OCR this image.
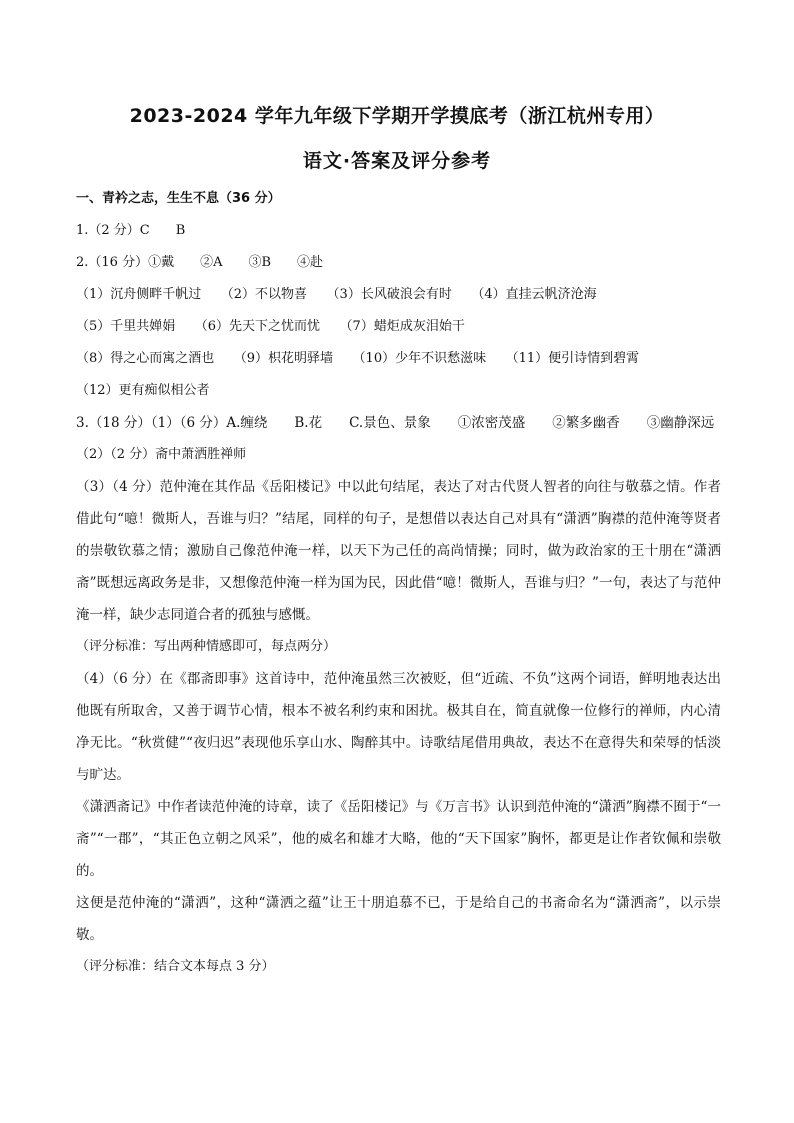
2023-2024 学年九年级下学期开学摸底考（浙江杭州专用）
语文·答案及评分参考
一、青衿之志，生生不息（36 分）
1.（2 分）C　　B
2.（16 分）①戴　　②A　　③B　　④赴
（1）沉舟侧畔千帆过　　（2）不以物喜　　（3）长风破浪会有时　　（4）直挂云帆济沧海
（5）千里共婵娟　　（6）先天下之忧而忧　　（7）蜡炬成灰泪始干
（8）得之心而寓之酒也　　（9）枳花明驿墙　　（10）少年不识愁滋味　　（11）便引诗情到碧霄
（12）更有痴似相公者
3.（18 分）（1）（6 分）A.缠绕　　B.花　　C.景色、景象　　①浓密茂盛　　②繁多幽香　　③幽静深远
（2）（2 分）斋中萧洒胜禅师
（3）（4 分）范仲淹在其作品《岳阳楼记》中以此句结尾，表达了对古代贤人智者的向往与敬慕之情。作者借此句“噫！微斯人，吾谁与归？”结尾，同样的句子，是想借以表达自己对具有“潇洒”胸襟的范仲淹等贤者的崇敬钦慕之情；激励自己像范仲淹一样，以天下为己任的高尚情操；同时，做为政治家的王十朋在“潇洒斋”既想远离政务是非，又想像范仲淹一样为国为民，因此借“噫！微斯人，吾谁与归？”一句，表达了与范仲淹一样，缺少志同道合者的孤独与感慨。
（评分标准：写出两种情感即可，每点两分）
（4）（6 分）在《郡斋即事》这首诗中，范仲淹虽然三次被贬，但“近疏、不负”这两个词语，鲜明地表达出他既有所取舍，又善于调节心情，根本不被名利约束和困扰。极其自在，简直就像一位修行的禅师，内心清净无比。“秋赏健”“夜归迟”表现他乐享山水、陶醉其中。诗歌结尾借用典故，表达不在意得失和荣辱的恬淡与旷达。
《潇洒斋记》中作者读范仲淹的诗章，读了《岳阳楼记》与《万言书》认识到范仲淹的“潇洒”胸襟不囿于“一斋”“一郡”，“其正色立朝之风采”，他的威名和雄才大略，他的“天下国家”胸怀，都更是让作者钦佩和崇敬的。
这便是范仲淹的“潇洒”，这种“潇洒之蕴”让王十朋追慕不已，于是给自己的书斋命名为“潇洒斋”，以示崇敬。
（评分标准：结合文本每点 3 分）
